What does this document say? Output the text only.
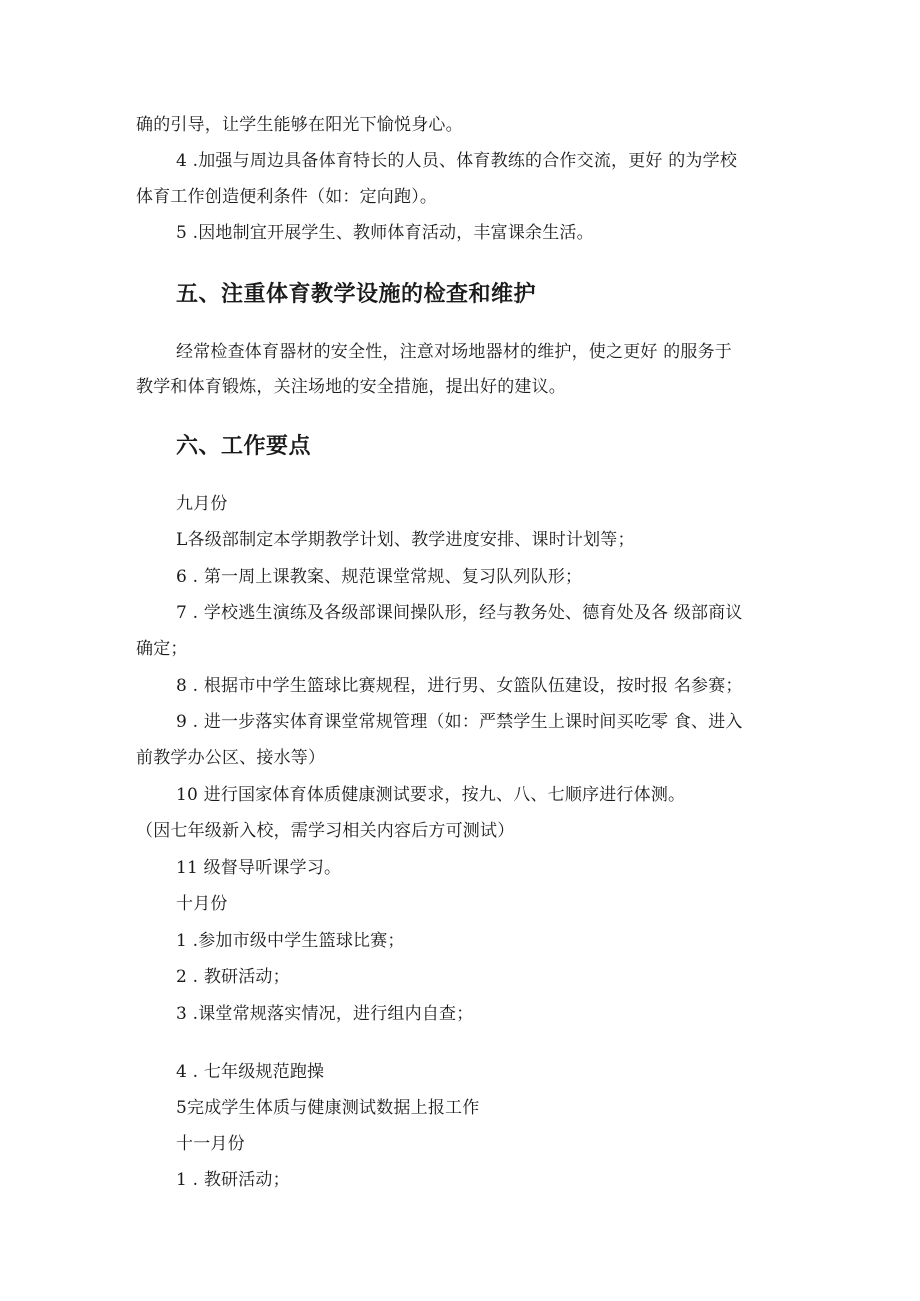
确的引导，让学生能够在阳光下愉悦身心。
4 .加强与周边具备体育特长的人员、体育教练的合作交流，更好 的为学校
体育工作创造便利条件（如：定向跑）。
5 .因地制宜开展学生、教师体育活动，丰富课余生活。
五、注重体育教学设施的检查和维护
经常检查体育器材的安全性，注意对场地器材的维护，使之更好 的服务于
教学和体育锻炼，关注场地的安全措施，提出好的建议。
六、工作要点
九月份
L各级部制定本学期教学计划、教学进度安排、课时计划等；
6 . 第一周上课教案、规范课堂常规、复习队列队形；
7 . 学校逃生演练及各级部课间操队形，经与教务处、德育处及各 级部商议
确定；
8 . 根据市中学生篮球比赛规程，进行男、女篮队伍建设，按时报 名参赛；
9 . 进一步落实体育课堂常规管理（如：严禁学生上课时间买吃零 食、进入
前教学办公区、接水等）
10 进行国家体育体质健康测试要求，按九、八、七顺序进行体测。
（因七年级新入校，需学习相关内容后方可测试）
11 级督导听课学习。
十月份
1 .参加市级中学生篮球比赛；
2 . 教研活动；
3 .课堂常规落实情况，进行组内自查；
4 . 七年级规范跑操
5完成学生体质与健康测试数据上报工作
十一月份
1 . 教研活动；
